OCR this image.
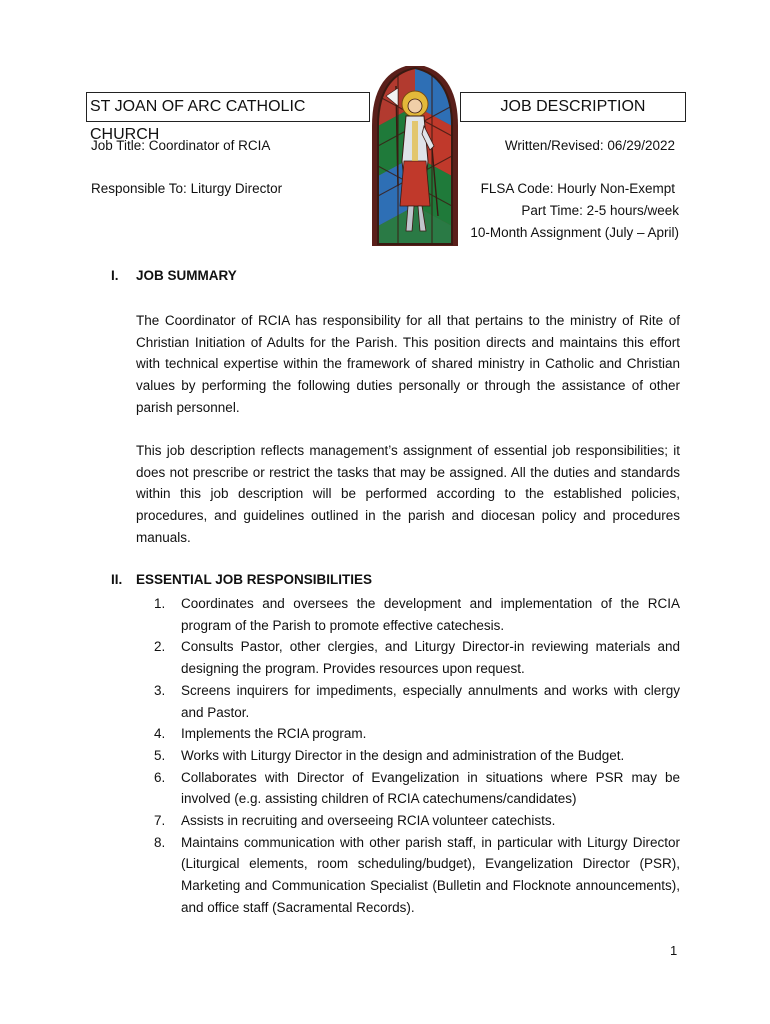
ST JOAN OF ARC CATHOLIC CHURCH
JOB DESCRIPTION
Job Title: Coordinator of RCIA
Responsible To: Liturgy Director
Written/Revised: 06/29/2022
FLSA Code: Hourly Non-Exempt
Part Time: 2-5 hours/week
10-Month Assignment (July – April)
I. JOB SUMMARY
The Coordinator of RCIA has responsibility for all that pertains to the ministry of Rite of Christian Initiation of Adults for the Parish. This position directs and maintains this effort with technical expertise within the framework of shared ministry in Catholic and Christian values by performing the following duties personally or through the assistance of other parish personnel.
This job description reflects management’s assignment of essential job responsibilities; it does not prescribe or restrict the tasks that may be assigned. All the duties and standards within this job description will be performed according to the established policies, procedures, and guidelines outlined in the parish and diocesan policy and procedures manuals.
II. ESSENTIAL JOB RESPONSIBILITIES
1. Coordinates and oversees the development and implementation of the RCIA program of the Parish to promote effective catechesis.
2. Consults Pastor, other clergies, and Liturgy Director-in reviewing materials and designing the program. Provides resources upon request.
3. Screens inquirers for impediments, especially annulments and works with clergy and Pastor.
4. Implements the RCIA program.
5. Works with Liturgy Director in the design and administration of the Budget.
6. Collaborates with Director of Evangelization in situations where PSR may be involved (e.g. assisting children of RCIA catechumens/candidates)
7. Assists in recruiting and overseeing RCIA volunteer catechists.
8. Maintains communication with other parish staff, in particular with Liturgy Director (Liturgical elements, room scheduling/budget), Evangelization Director (PSR), Marketing and Communication Specialist (Bulletin and Flocknote announcements), and office staff (Sacramental Records).
1
